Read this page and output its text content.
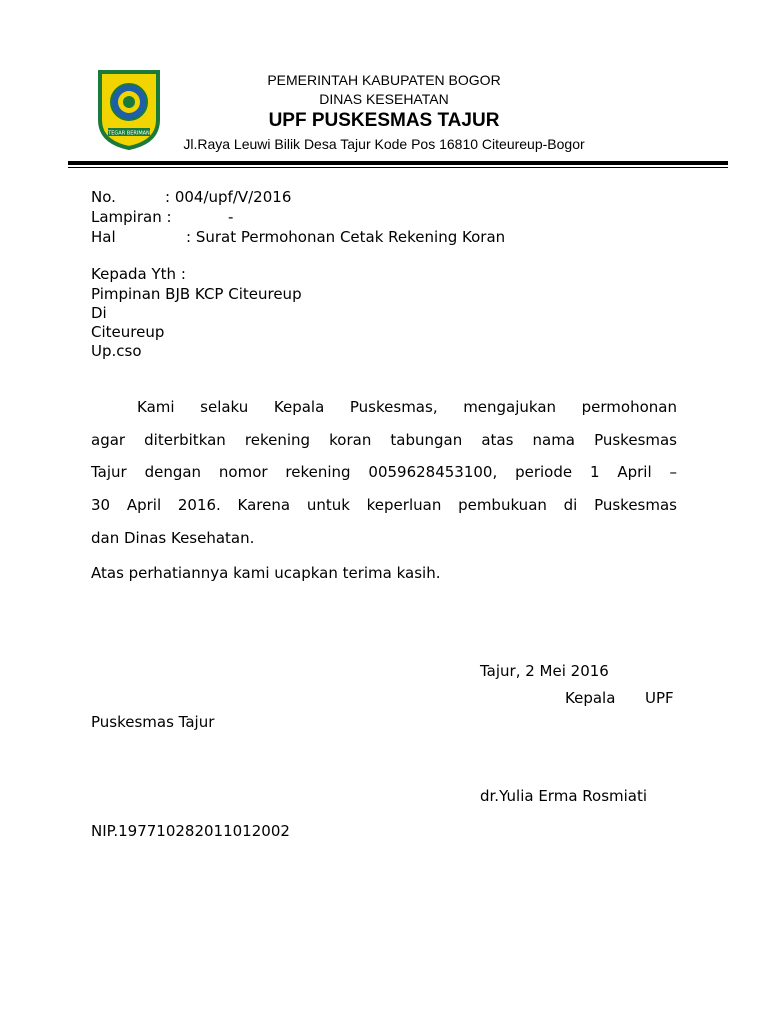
TEGAR BERIMAN
PEMERINTAH KABUPATEN BOGOR
DINAS KESEHATAN
UPF PUSKESMAS TAJUR
Jl.Raya Leuwi Bilik Desa Tajur Kode Pos 16810 Citeureup-Bogor
No.	: 004/upf/V/2016
Lampiran :	-
Hal	: Surat Permohonan Cetak Rekening Koran
Kepada Yth :
Pimpinan BJB KCP Citeureup
Di
Citeureup
Up.cso
Kami selaku Kepala Puskesmas, mengajukan permohonan
agar diterbitkan rekening koran tabungan atas nama Puskesmas
Tajur dengan nomor rekening 0059628453100, periode 1 April –
30 April 2016. Karena untuk keperluan pembukuan di Puskesmas
dan Dinas Kesehatan.
Atas perhatiannya kami ucapkan terima kasih.
Tajur, 2 Mei 2016
Kepala UPF
Puskesmas Tajur
dr.Yulia Erma Rosmiati
NIP.197710282011012002
